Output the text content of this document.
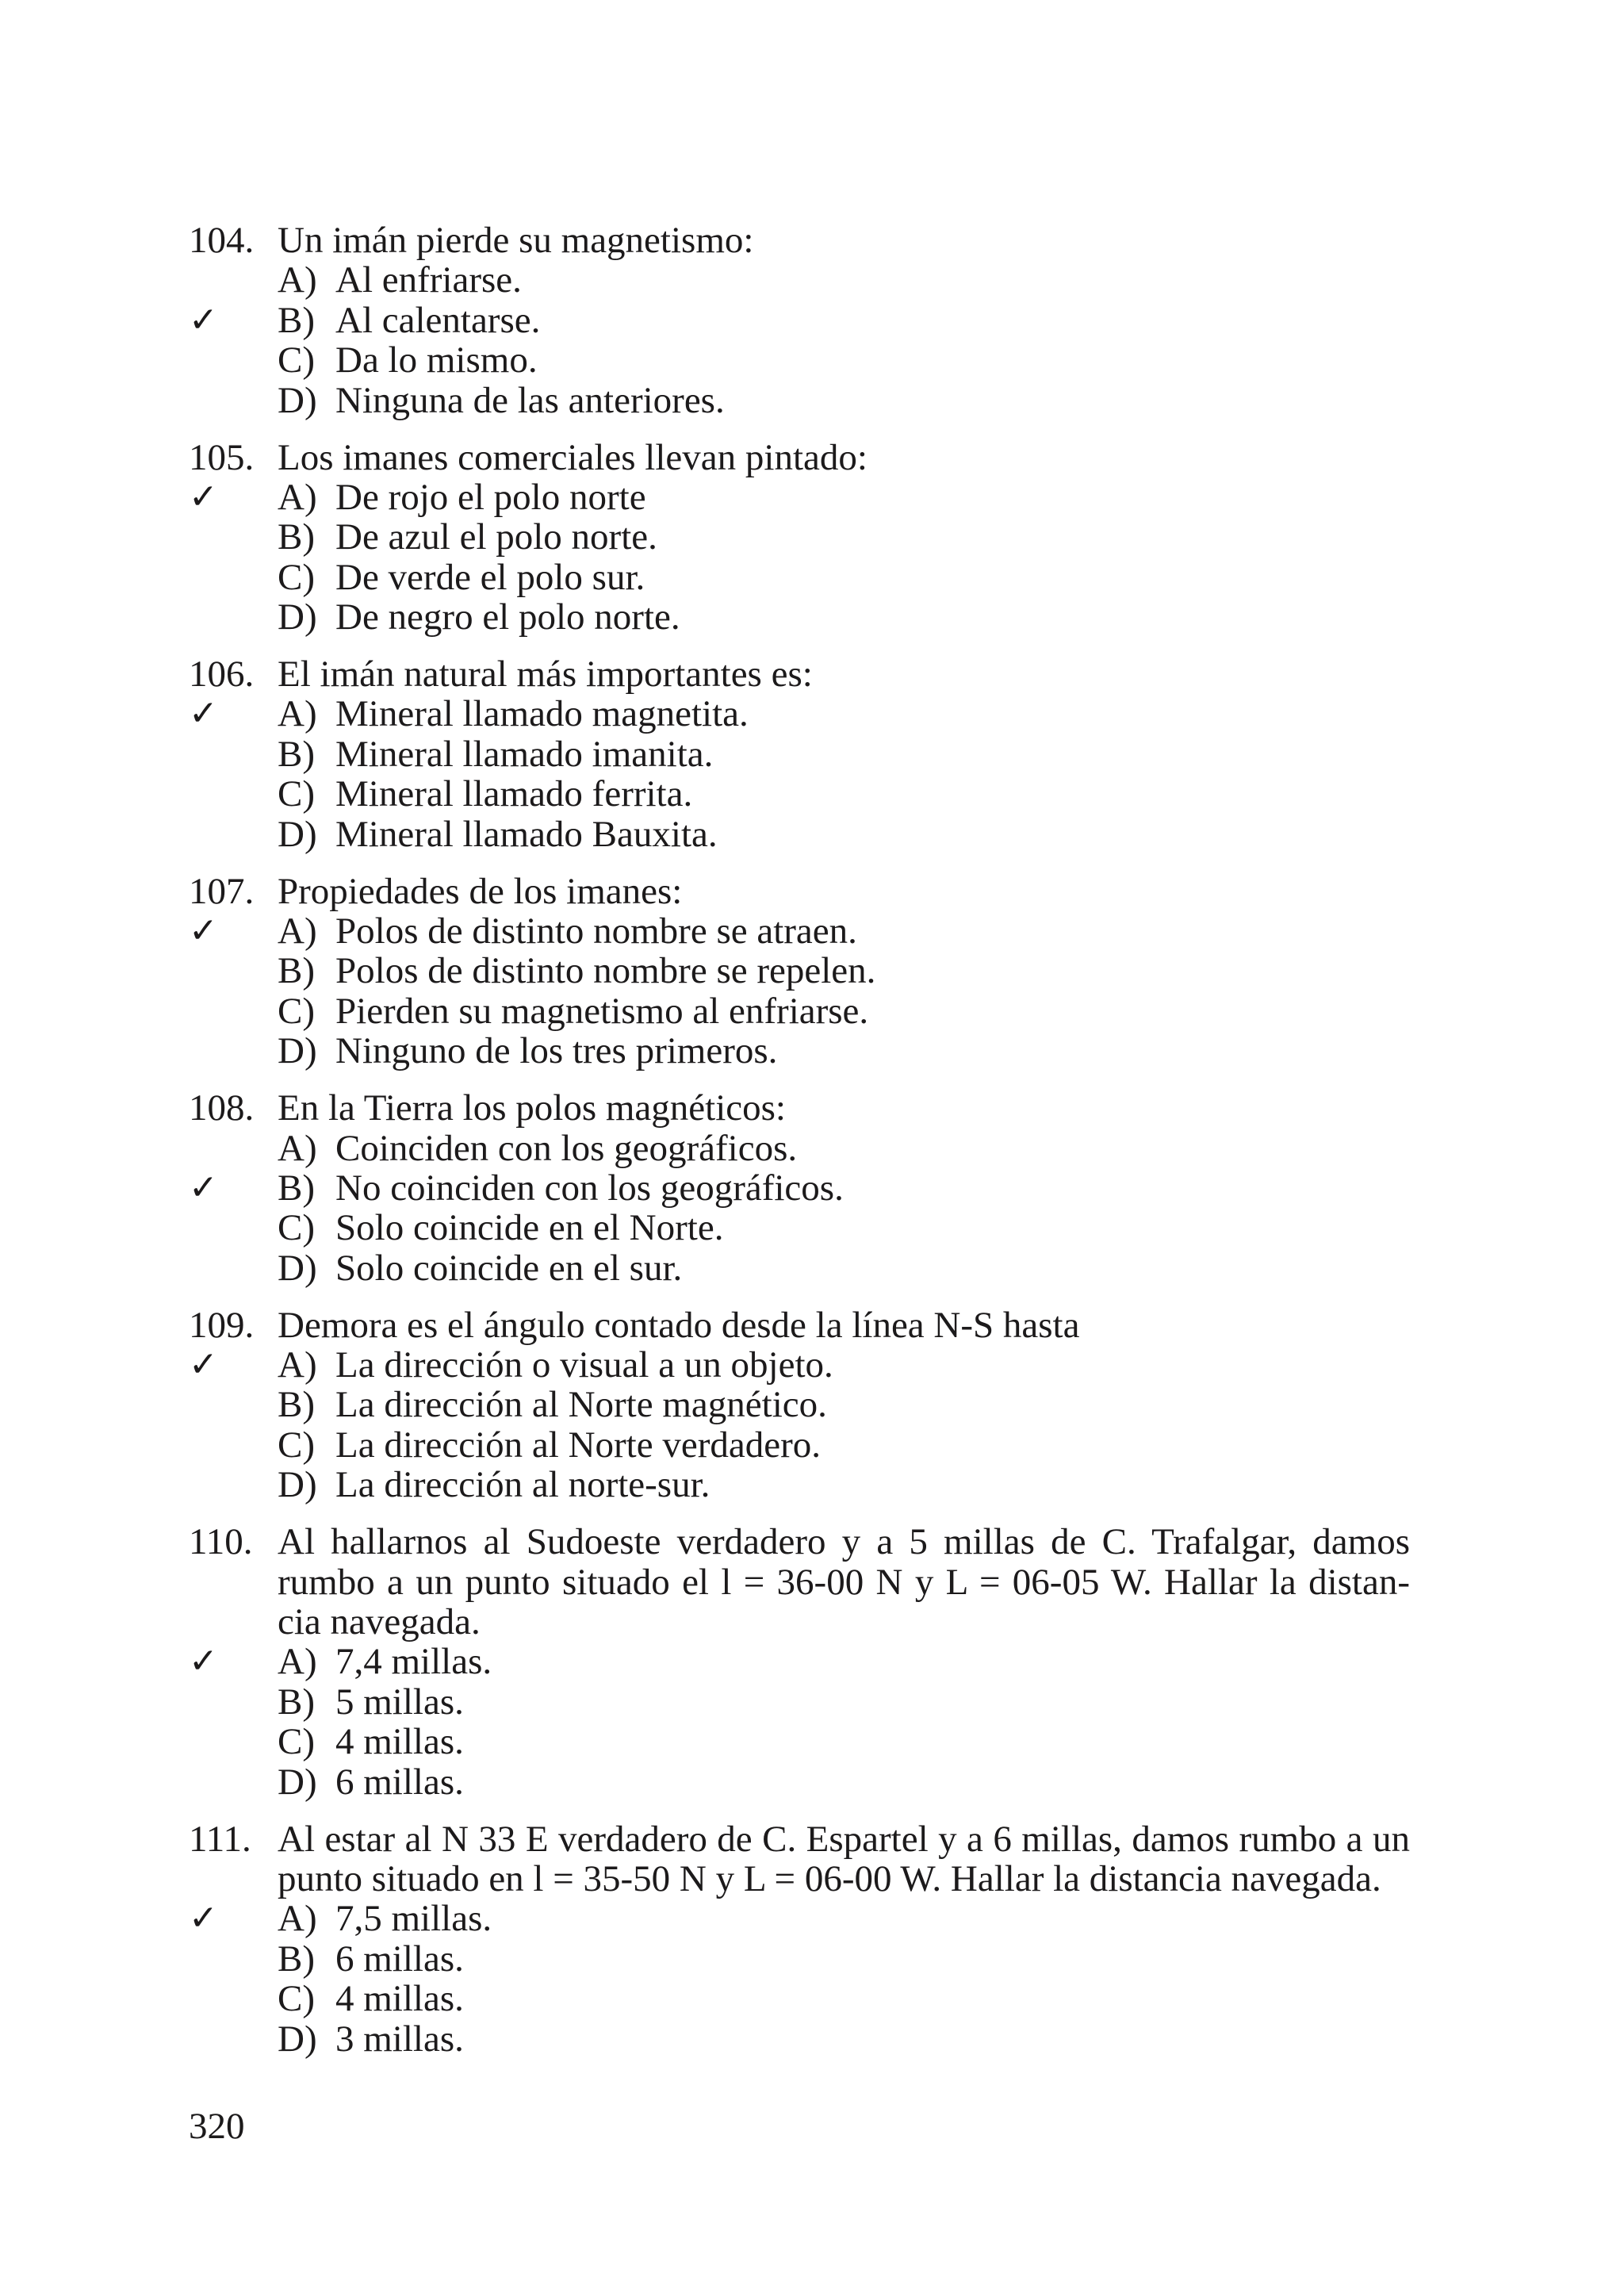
104. Un imán pierde su magnetismo:
A) Al enfriarse.
✓	B) Al calentarse.
C) Da lo mismo.
D) Ninguna de las anteriores.
105. Los imanes comerciales llevan pintado:
✓	A) De rojo el polo norte
B) De azul el polo norte.
C) De verde el polo sur.
D) De negro el polo norte.
106. El imán natural más importantes es:
✓	A) Mineral llamado magnetita.
B) Mineral llamado imanita.
C) Mineral llamado ferrita.
D) Mineral llamado Bauxita.
107. Propiedades de los imanes:
✓	A) Polos de distinto nombre se atraen.
B) Polos de distinto nombre se repelen.
C) Pierden su magnetismo al enfriarse.
D) Ninguno de los tres primeros.
108. En la Tierra los polos magnéticos:
A) Coinciden con los geográficos.
✓	B) No coinciden con los geográficos.
C) Solo coincide en el Norte.
D) Solo coincide en el sur.
109. Demora es el ángulo contado desde la línea N-S hasta
✓	A) La dirección o visual a un objeto.
B) La dirección al Norte magnético.
C) La dirección al Norte verdadero.
D) La dirección al norte-sur.
110. Al hallarnos al Sudoeste verdadero y a 5 millas de C. Trafalgar, damos
rumbo a un punto situado el l = 36-00 N y L = 06-05 W. Hallar la distan-
cia navegada.
✓	A) 7,4 millas.
B) 5 millas.
C) 4 millas.
D) 6 millas.
111. Al estar al N 33 E verdadero de C. Espartel y a 6 millas, damos rumbo a un
punto situado en l = 35-50 N y L = 06-00 W. Hallar la distancia navegada.
✓	A) 7,5 millas.
B) 6 millas.
C) 4 millas.
D) 3 millas.
320
